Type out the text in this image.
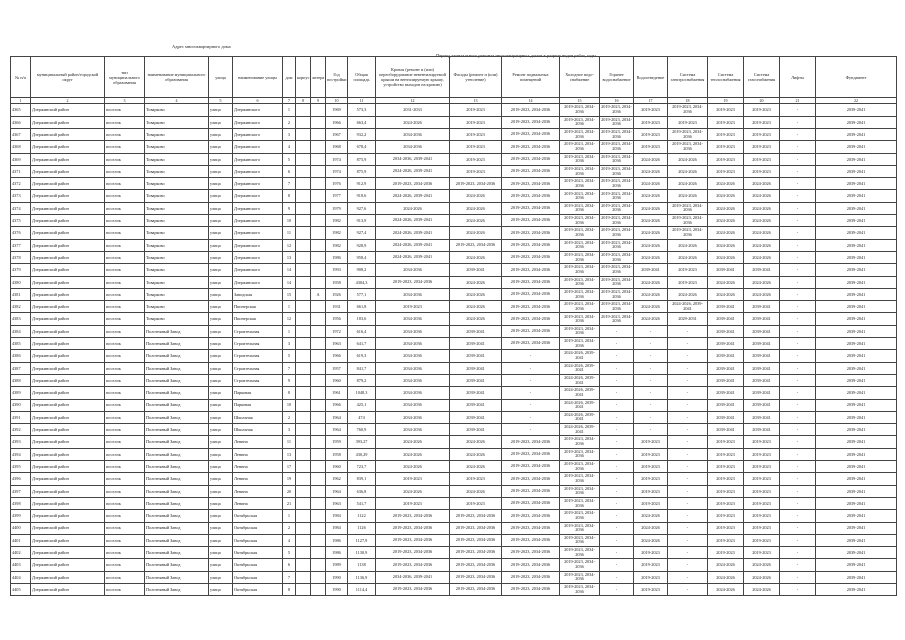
Адрес многоквартирного дома
Период капитального ремонта многоквартирных домов в разрезе видов работ, годы
№ п/п	муниципальный район/городской округ	тип муниципального образования	наименование муниципального образования	улица	наименование улицы	дом	корпус	литера	Год постройки	Общая площадь	Кровля (ремонт и (или) переоборудование невентилируемой крыши на вентилируемую крышу, устройство выходов на кровлю)	Фасады (ремонт и (или) утепление)	Ремонт подвальных помещений	Холодное водо-снабжение	Горячее водоснабжение	Водоотведение	Система электроснабжения	Система теплоснабжения	Система газоснабжения	Лифты	Фундамент
1	2	3	4	5	6	7	8	9	10	11	12	13	14	15	16	17	18	19	20	21	22
4365	Дзержинский район	поселок	Товарково	улица	Дзержинского	1			1969	573,3	2031-2033	2019-2023	2019-2023, 2034-2036	2019-2023, 2034-2036	2019-2023, 2034-2036	2019-2023	2019-2023, 2034-2036	2019-2023	2019-2023	-	2039-2041
4366	Дзержинский район	поселок	Товарково	улица	Дзержинского	2			1966	663,4	2024-2026	2019-2023	2019-2023, 2034-2036	2019-2023, 2034-2036	2019-2023, 2034-2036	2019-2023	2019-2023	2019-2023	2019-2023	-	2039-2041
4367	Дзержинский район	поселок	Товарково	улица	Дзержинского	3			1967	932,2	2034-2036	2019-2023	2019-2023, 2034-2036	2019-2023, 2034-2036	2019-2023, 2034-2036	2019-2023	2019-2023, 2034-2036	2019-2023	2019-2023	-	2039-2041
4368	Дзержинский район	поселок	Товарково	улица	Дзержинского	4			1968	678,4	2034-2036	2019-2023	2019-2023, 2034-2036	2019-2023, 2034-2036	2019-2023, 2034-2036	2019-2023	2019-2023, 2034-2036	2019-2023	2019-2023	-	2039-2041
4369	Дзержинский район	поселок	Товарково	улица	Дзержинского	5			1974	875,9	2034-2036, 2039-2041	2019-2023	2019-2023, 2034-2036	2019-2023, 2034-2036	2019-2023, 2034-2036	2024-2026	2024-2026	2019-2023	2019-2023	-	2039-2041
4371	Дзержинский район	поселок	Товарково	улица	Дзержинского	6			1974	875,9	2024-2026, 2039-2041	2019-2023	2019-2023, 2034-2036	2019-2023, 2034-2036	2019-2023, 2034-2036	2024-2026	2024-2026	2019-2023	2019-2023	-	2039-2041
4372	Дзержинский район	поселок	Товарково	улица	Дзержинского	7			1976	912,9	2019-2023, 2034-2036	2019-2023, 2034-2036	2019-2023, 2034-2036	2019-2023, 2034-2036	2019-2023, 2034-2036	2024-2026	2024-2026	2024-2026	2024-2026	-	2039-2041
4373	Дзержинский район	поселок	Товарково	улица	Дзержинского	8			1977	918,6	2024-2026, 2039-2041	2024-2026	2019-2023, 2034-2036	2019-2023, 2034-2036	2019-2023, 2034-2036	2024-2026	2024-2026	2024-2026	2024-2026	-	2039-2041
4374	Дзержинский район	поселок	Товарково	улица	Дзержинского	9			1979	927,6	2024-2026	2024-2026	2019-2023, 2034-2036	2019-2023, 2034-2036	2019-2023, 2034-2036	2024-2026	2019-2023, 2034-2036	2024-2026	2024-2026	-	2039-2041
4375	Дзержинский район	поселок	Товарково	улица	Дзержинского	10			1982	913,9	2024-2026, 2039-2041	2024-2026	2019-2023, 2034-2036	2019-2023, 2034-2036	2019-2023, 2034-2036	2024-2026	2019-2023, 2034-2036	2024-2026	2024-2026	-	2039-2041
4376	Дзержинский район	поселок	Товарково	улица	Дзержинского	11			1982	927,4	2024-2026, 2039-2041	2024-2026	2019-2023, 2034-2036	2019-2023, 2034-2036	2019-2023, 2034-2036	2024-2026	2019-2023, 2034-2036	2024-2026	2024-2026	-	2039-2041
4377	Дзержинский район	поселок	Товарково	улица	Дзержинского	12			1982	928,9	2024-2026, 2039-2041	2019-2023, 2034-2036	2019-2023, 2034-2036	2019-2023, 2034-2036	2019-2023, 2034-2036	2024-2026	2024-2026	2024-2026	2024-2026	-	2039-2041
4378	Дзержинский район	поселок	Товарково	улица	Дзержинского	13			1986	958,4	2024-2026, 2039-2041	2024-2026	2019-2023, 2034-2036	2019-2023, 2034-2036	2019-2023, 2034-2036	2024-2026	2024-2026	2024-2026	2024-2026	-	2039-2041
4379	Дзержинский район	поселок	Товарково	улица	Дзержинского	14			1993	908,2	2034-2036	2039-2041	2019-2023, 2034-2036	2019-2023, 2034-2036	2019-2023, 2034-2036	2039-2041	2019-2023	2039-2041	2039-2041	-	2039-2041
4380	Дзержинский район	поселок	Товарково	улица	Дзержинского	14			1958	4304,3	2019-2023, 2034-2036	2024-2026	2019-2023, 2034-2036	2019-2023, 2034-2036	2019-2023, 2034-2036	2024-2026	2019-2023	2024-2026	2024-2026	-	2039-2041
4381	Дзержинский район	поселок	Товарково	улица	Заводская	15		А	1926	577,1	2034-2036	2024-2026	2019-2023, 2034-2036	2019-2023, 2034-2036	2019-2023, 2034-2036	2024-2026	2024-2026	2024-2026	2024-2026	-	2039-2041
4382	Дзержинский район	поселок	Товарково	улица	Пионерская	1			1931	661,8	2019-2023	2024-2026	2019-2023, 2034-2036	2019-2023, 2034-2036	2019-2023, 2034-2036	2024-2026	2024-2026, 2039-2041	2039-2041	2039-2041	-	2039-2041
4383	Дзержинский район	поселок	Товарково	улица	Пионерская	12			1956	183,6	2034-2036	2024-2026	2019-2023, 2034-2036	2019-2023, 2034-2036	2019-2023, 2034-2036	2024-2026	2029-2031	2039-2041	2039-2041	-	2039-2041
4384	Дзержинский район	поселок	Полотняный Завод	улица	Строительная	1			1972	616,4	2034-2036	2039-2041	2019-2023, 2034-2036	2019-2023, 2034-2036	-	-	-	2039-2041	2039-2041	-	2039-2041
4385	Дзержинский район	поселок	Полотняный Завод	улица	Строительная	3			1963	641,7	2034-2036	2039-2041	2019-2023, 2034-2036	2019-2023, 2034-2036	-	-	-	2039-2041	2039-2041	-	2039-2041
4386	Дзержинский район	поселок	Полотняный Завод	улица	Строительная	5			1966	619,3	2034-2036	2039-2041	-	2024-2026, 2039-2041	-	-	-	2039-2041	2039-2041	-	2039-2041
4387	Дзержинский район	поселок	Полотняный Завод	улица	Строительная	7			1957	841,7	2034-2036	2039-2041	-	2024-2026, 2039-2041	-	-	-	2039-2041	2039-2041	-	2039-2041
4388	Дзержинский район	поселок	Полотняный Завод	улица	Строительная	9			1960	879,2	2034-2036	2039-2041	-	2024-2026, 2039-2041	-	-	-	2039-2041	2039-2041	-	2039-2041
4389	Дзержинский район	поселок	Полотняный Завод	улица	Парковая	8			1961	1048,3	2034-2036	2039-2041	-	2024-2026, 2039-2041	-	-	-	2039-2041	2039-2041	-	2039-2041
4390	Дзержинский район	поселок	Полотняный Завод	улица	Парковая	10			1966	425,1	2034-2036	2039-2041	-	2024-2026, 2039-2041	-	-	-	2039-2041	2039-2041	-	2039-2041
4391	Дзержинский район	поселок	Полотняный Завод	улица	Школьная	2			1964	474	2034-2036	2039-2041	-	2024-2026, 2039-2041	-	-	-	2039-2041	2039-2041	-	2039-2041
4392	Дзержинский район	поселок	Полотняный Завод	улица	Школьная	3			1964	760,9	2034-2036	2039-2041	-	2024-2026, 2039-2041	-	-	-	2039-2041	2039-2041	-	2039-2041
4393	Дзержинский район	поселок	Полотняный Завод	улица	Ленина	11			1959	393,27	2024-2026	2024-2026	2019-2023, 2034-2036	2019-2023, 2034-2036	-	2019-2023	-	2019-2023	2019-2023	-	2039-2041
4394	Дзержинский район	поселок	Полотняный Завод	улица	Ленина	13			1958	430,29	2024-2026	2024-2026	2019-2023, 2034-2036	2019-2023, 2034-2036	-	2019-2023	-	2019-2023	2019-2023	-	2039-2041
4395	Дзержинский район	поселок	Полотняный Завод	улица	Ленина	17			1960	723,7	2024-2026	2024-2026	2019-2023, 2034-2036	2019-2023, 2034-2036	-	2019-2023	-	2019-2023	2019-2023	-	2039-2041
4396	Дзержинский район	поселок	Полотняный Завод	улица	Ленина	19			1962	839,1	2019-2023	2019-2023	2019-2023, 2034-2036	2019-2023, 2034-2036	-	2019-2023	-	2019-2023	2019-2023	-	2039-2041
4397	Дзержинский район	поселок	Полотняный Завод	улица	Ленина	20			1964	636,8	2024-2026	2024-2026	2019-2023, 2034-2036	2019-2023, 2034-2036	-	2019-2023	-	2019-2023	2019-2023	-	2039-2041
4398	Дзержинский район	поселок	Полотняный Завод	улица	Ленина	21			1963	541,7	2019-2023	2019-2023	2019-2023, 2034-2036	2019-2023, 2034-2036	-	2019-2023	-	2019-2023	2019-2023	-	2039-2041
4399	Дзержинский район	поселок	Полотняный Завод	улица	Октябрьская	1			1984	1122	2019-2023, 2034-2036	2019-2023, 2034-2036	2019-2023, 2034-2036	2019-2023, 2034-2036	-	2024-2026	-	2019-2023	2019-2023	-	2039-2041
4400	Дзержинский район	поселок	Полотняный Завод	улица	Октябрьская	2			1984	1126	2019-2023, 2034-2036	2019-2023, 2034-2036	2019-2023, 2034-2036	2019-2023, 2034-2036	-	2024-2026	-	2019-2023	2019-2023	-	2039-2041
4401	Дзержинский район	поселок	Полотняный Завод	улица	Октябрьская	4			1986	1127,9	2019-2023, 2034-2036	2019-2023, 2034-2036	2019-2023, 2034-2036	2019-2023, 2034-2036	-	2024-2026	-	2019-2023	2019-2023	-	2039-2041
4402	Дзержинский район	поселок	Полотняный Завод	улица	Октябрьская	5			1986	1130,9	2019-2023, 2034-2036	2019-2023, 2034-2036	2019-2023, 2034-2036	2019-2023, 2034-2036	-	2019-2023	-	2019-2023	2019-2023	-	2039-2041
4403	Дзержинский район	поселок	Полотняный Завод	улица	Октябрьская	6			1989	1138	2019-2023, 2034-2036	2019-2023, 2034-2036	2019-2023, 2034-2036	2019-2023, 2034-2036	-	2019-2023	-	2024-2026	2024-2026	-	2039-2041
4404	Дзержинский район	поселок	Полотняный Завод	улица	Октябрьская	7			1990	1136,9	2034-2036, 2039-2041	2019-2023, 2034-2036	2019-2023, 2034-2036	2019-2023, 2034-2036	-	2019-2023	-	2024-2026	2024-2026	-	2039-2041
4405	Дзержинский район	поселок	Полотняный Завод	улица	Октябрьская	8			1990	1114,4	2019-2023, 2034-2036	2019-2023, 2034-2036	2019-2023, 2034-2036	2019-2023, 2034-2036	-	2019-2023	-	2024-2026	2024-2026	-	2039-2041
